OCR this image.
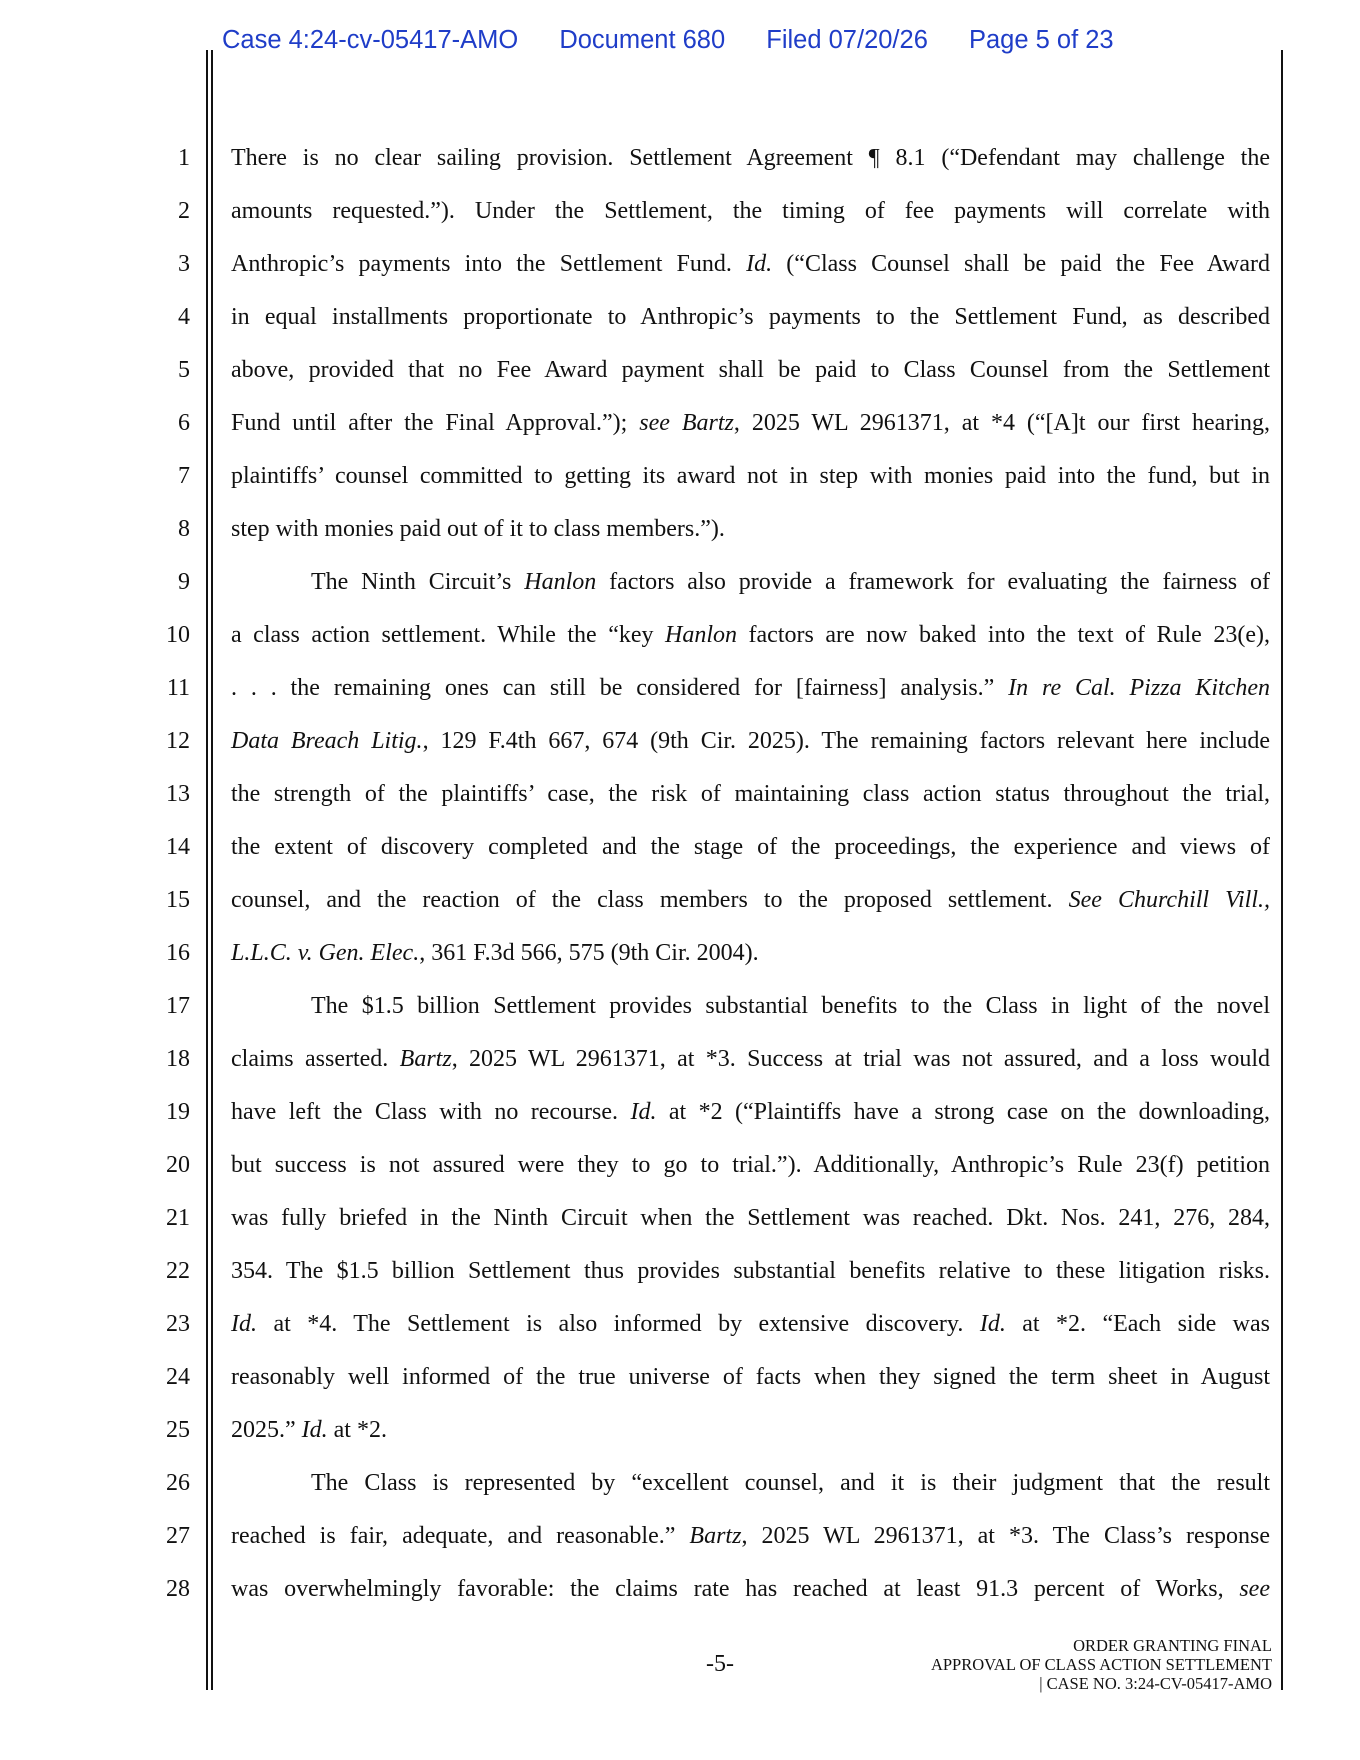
Case 4:24-cv-05417-AMO Document 680 Filed 07/20/26 Page 5 of 23
1
2
3
4
5
6
7
8
9
10
11
12
13
14
15
16
17
18
19
20
21
22
23
24
25
26
27
28
There is no clear sailing provision. Settlement Agreement ¶ 8.1 (“Defendant may challenge the
amounts requested.”). Under the Settlement, the timing of fee payments will correlate with
Anthropic’s payments into the Settlement Fund. Id. (“Class Counsel shall be paid the Fee Award
in equal installments proportionate to Anthropic’s payments to the Settlement Fund, as described
above, provided that no Fee Award payment shall be paid to Class Counsel from the Settlement
Fund until after the Final Approval.”); see Bartz, 2025 WL 2961371, at *4 (“[A]t our first hearing,
plaintiffs’ counsel committed to getting its award not in step with monies paid into the fund, but in
step with monies paid out of it to class members.”).
The Ninth Circuit’s Hanlon factors also provide a framework for evaluating the fairness of
a class action settlement. While the “key Hanlon factors are now baked into the text of Rule 23(e),
. . . the remaining ones can still be considered for [fairness] analysis.” In re Cal. Pizza Kitchen
Data Breach Litig., 129 F.4th 667, 674 (9th Cir. 2025). The remaining factors relevant here include
the strength of the plaintiffs’ case, the risk of maintaining class action status throughout the trial,
the extent of discovery completed and the stage of the proceedings, the experience and views of
counsel, and the reaction of the class members to the proposed settlement. See Churchill Vill.,
L.L.C. v. Gen. Elec., 361 F.3d 566, 575 (9th Cir. 2004).
The $1.5 billion Settlement provides substantial benefits to the Class in light of the novel
claims asserted. Bartz, 2025 WL 2961371, at *3. Success at trial was not assured, and a loss would
have left the Class with no recourse. Id. at *2 (“Plaintiffs have a strong case on the downloading,
but success is not assured were they to go to trial.”). Additionally, Anthropic’s Rule 23(f) petition
was fully briefed in the Ninth Circuit when the Settlement was reached. Dkt. Nos. 241, 276, 284,
354. The $1.5 billion Settlement thus provides substantial benefits relative to these litigation risks.
Id. at *4. The Settlement is also informed by extensive discovery. Id. at *2. “Each side was
reasonably well informed of the true universe of facts when they signed the term sheet in August
2025.” Id. at *2.
The Class is represented by “excellent counsel, and it is their judgment that the result
reached is fair, adequate, and reasonable.” Bartz, 2025 WL 2961371, at *3. The Class’s response
was overwhelmingly favorable: the claims rate has reached at least 91.3 percent of Works, see
-5-
ORDER GRANTING FINAL
APPROVAL OF CLASS ACTION SETTLEMENT
| CASE NO. 3:24-CV-05417-AMO
